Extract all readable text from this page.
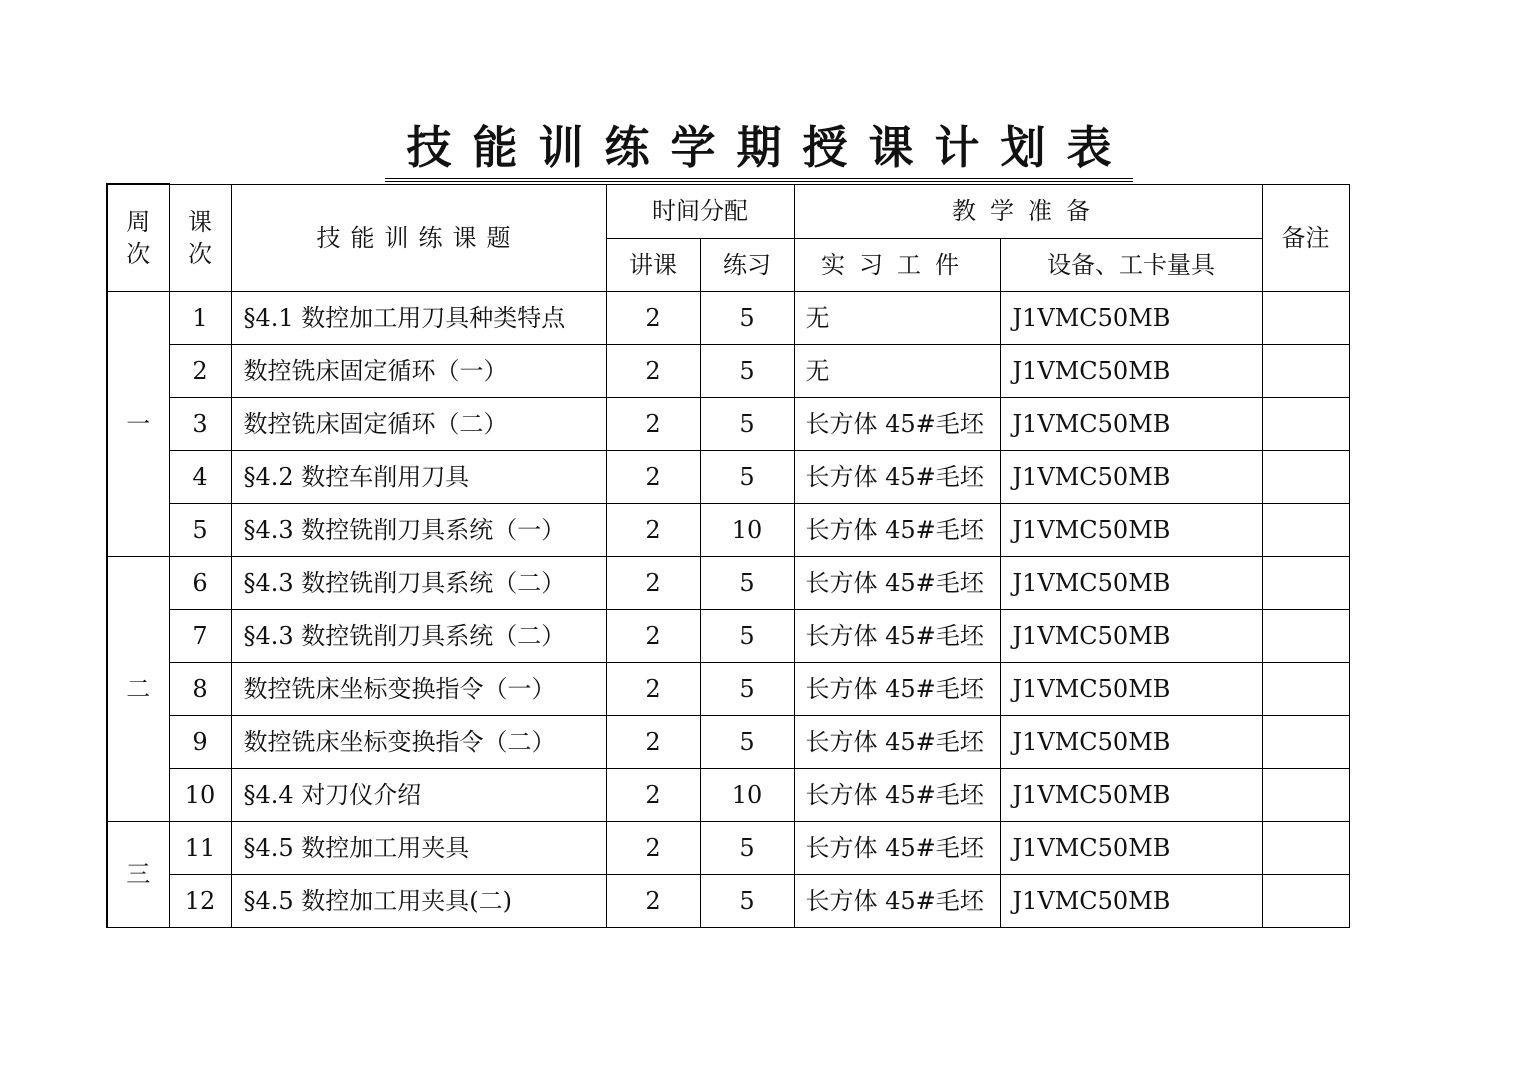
技能训练学期授课计划表
周
次	课
次	技能训练课题	时间分配		教学准备		备注
			讲课	练习	实习工件	设备、工卡量具	
一	1	§4.1 数控加工用刀具种类特点	2	5	无	J1VMC50MB	
	2	数控铣床固定循环（一）	2	5	无	J1VMC50MB	
	3	数控铣床固定循环（二）	2	5	长方体 45#毛坯	J1VMC50MB	
	4	§4.2 数控车削用刀具	2	5	长方体 45#毛坯	J1VMC50MB	
	5	§4.3 数控铣削刀具系统（一）	2	10	长方体 45#毛坯	J1VMC50MB	
二	6	§4.3 数控铣削刀具系统（二）	2	5	长方体 45#毛坯	J1VMC50MB	
	7	§4.3 数控铣削刀具系统（二）	2	5	长方体 45#毛坯	J1VMC50MB	
	8	数控铣床坐标变换指令（一）	2	5	长方体 45#毛坯	J1VMC50MB	
	9	数控铣床坐标变换指令（二）	2	5	长方体 45#毛坯	J1VMC50MB	
	10	§4.4 对刀仪介绍	2	10	长方体 45#毛坯	J1VMC50MB	
三	11	§4.5 数控加工用夹具	2	5	长方体 45#毛坯	J1VMC50MB	
	12	§4.5 数控加工用夹具(二)	2	5	长方体 45#毛坯	J1VMC50MB	
